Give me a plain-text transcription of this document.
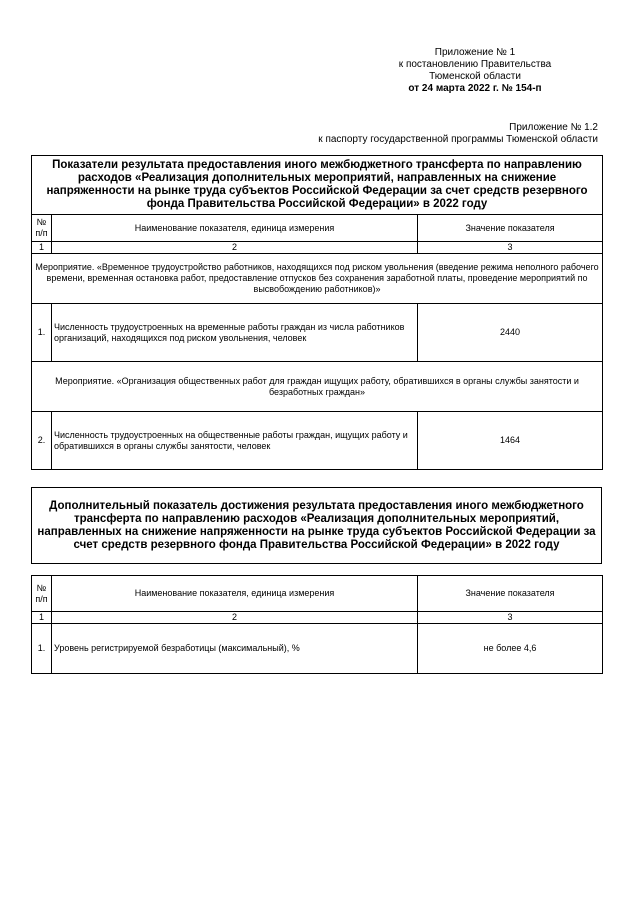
Приложение № 1
к постановлению Правительства
Тюменской области
от 24 марта 2022 г. № 154-п
Приложение № 1.2
к паспорту государственной программы Тюменской области
Показатели результата предоставления иного межбюджетного трансферта по направлению расходов «Реализация дополнительных мероприятий, направленных на снижение напряженности на рынке труда субъектов Российской Федерации за счет средств резервного фонда Правительства Российской Федерации» в 2022 году		
№ п/п	Наименование показателя, единица измерения	Значение показателя
1	2	3
Мероприятие. «Временное трудоустройство работников, находящихся под риском увольнения (введение режима неполного рабочего времени, временная остановка работ, предоставление отпусков без сохранения заработной платы, проведение мероприятий по высвобождению работников)»		
1.	Численность трудоустроенных на временные работы граждан из числа работников организаций, находящихся под риском увольнения, человек	2440
Мероприятие. «Организация общественных работ для граждан ищущих работу, обратившихся в органы службы занятости и безработных граждан»		
2.	Численность трудоустроенных на общественные работы граждан, ищущих работу и обратившихся в органы службы занятости, человек	1464
Дополнительный показатель достижения результата предоставления иного межбюджетного трансферта по направлению расходов «Реализация дополнительных мероприятий, направленных на снижение напряженности на рынке труда субъектов Российской Федерации за счет средств резервного фонда Правительства Российской Федерации» в 2022 году
№ п/п	Наименование показателя, единица измерения	Значение показателя
1	2	3
1.	Уровень регистрируемой безработицы (максимальный), %	не более 4,6
